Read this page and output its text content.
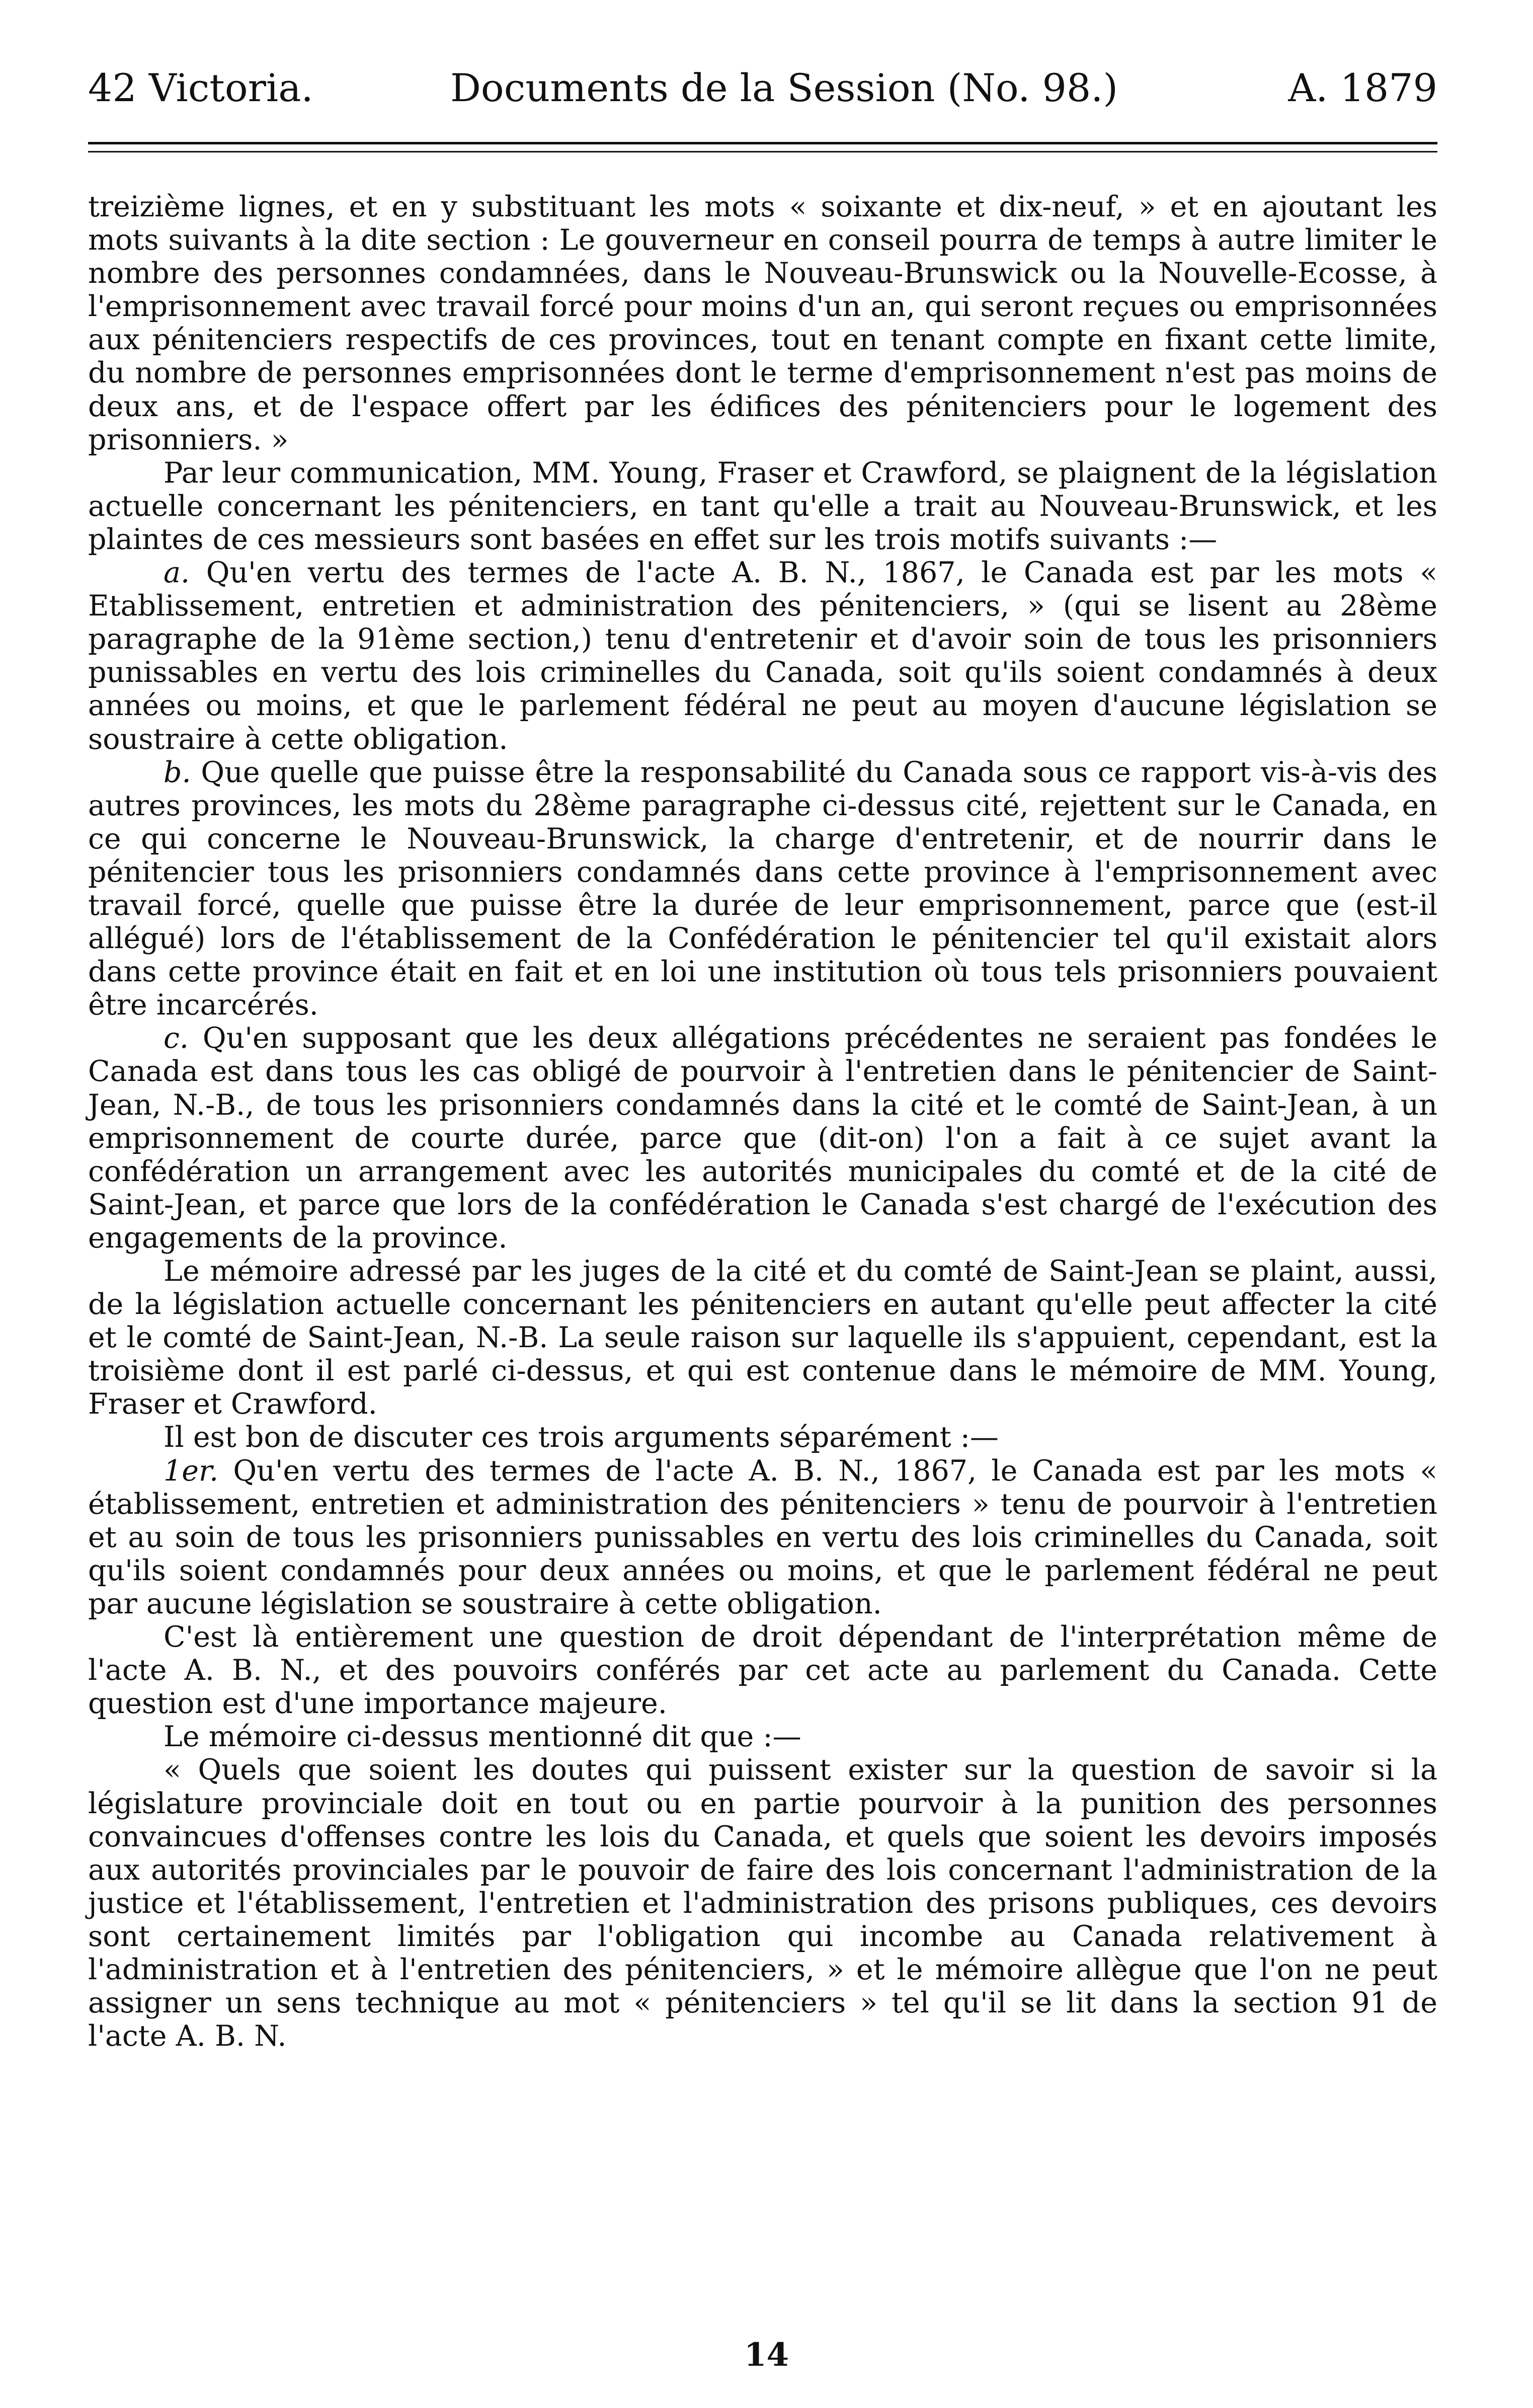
42 Victoria.	Documents de la Session (No. 98.)	A. 1879

treizième lignes, et en y substituant les mots « soixante et dix-neuf, » et en ajoutant les mots suivants à la dite section : Le gouverneur en conseil pourra de temps à autre limiter le nombre des personnes condamnées, dans le Nouveau-Brunswick ou la Nouvelle-Ecosse, à l'emprisonnement avec travail forcé pour moins d'un an, qui seront reçues ou emprisonnées aux pénitenciers respectifs de ces provinces, tout en tenant compte en fixant cette limite, du nombre de personnes emprisonnées dont le terme d'emprisonnement n'est pas moins de deux ans, et de l'espace offert par les édifices des pénitenciers pour le logement des prisonniers. »

Par leur communication, MM. Young, Fraser et Crawford, se plaignent de la législation actuelle concernant les pénitenciers, en tant qu'elle a trait au Nouveau-Brunswick, et les plaintes de ces messieurs sont basées en effet sur les trois motifs suivants :—

a. Qu'en vertu des termes de l'acte A. B. N., 1867, le Canada est par les mots « Etablissement, entretien et administration des pénitenciers, » (qui se lisent au 28ème paragraphe de la 91ème section,) tenu d'entretenir et d'avoir soin de tous les prisonniers punissables en vertu des lois criminelles du Canada, soit qu'ils soient condamnés à deux années ou moins, et que le parlement fédéral ne peut au moyen d'aucune législation se soustraire à cette obligation.

b. Que quelle que puisse être la responsabilité du Canada sous ce rapport vis-à-vis des autres provinces, les mots du 28ème paragraphe ci-dessus cité, rejettent sur le Canada, en ce qui concerne le Nouveau-Brunswick, la charge d'entretenir, et de nourrir dans le pénitencier tous les prisonniers condamnés dans cette province à l'emprisonnement avec travail forcé, quelle que puisse être la durée de leur emprisonnement, parce que (est-il allégué) lors de l'établissement de la Confédération le pénitencier tel qu'il existait alors dans cette province était en fait et en loi une institution où tous tels prisonniers pouvaient être incarcérés.

c. Qu'en supposant que les deux allégations précédentes ne seraient pas fondées le Canada est dans tous les cas obligé de pourvoir à l'entretien dans le pénitencier de Saint-Jean, N.-B., de tous les prisonniers condamnés dans la cité et le comté de Saint-Jean, à un emprisonnement de courte durée, parce que (dit-on) l'on a fait à ce sujet avant la confédération un arrangement avec les autorités municipales du comté et de la cité de Saint-Jean, et parce que lors de la confédération le Canada s'est chargé de l'exécution des engagements de la province.

Le mémoire adressé par les juges de la cité et du comté de Saint-Jean se plaint, aussi, de la législation actuelle concernant les pénitenciers en autant qu'elle peut affecter la cité et le comté de Saint-Jean, N.-B. La seule raison sur laquelle ils s'appuient, cependant, est la troisième dont il est parlé ci-dessus, et qui est contenue dans le mémoire de MM. Young, Fraser et Crawford.

Il est bon de discuter ces trois arguments séparément :—

1er. Qu'en vertu des termes de l'acte A. B. N., 1867, le Canada est par les mots « établissement, entretien et administration des pénitenciers » tenu de pourvoir à l'entretien et au soin de tous les prisonniers punissables en vertu des lois criminelles du Canada, soit qu'ils soient condamnés pour deux années ou moins, et que le parlement fédéral ne peut par aucune législation se soustraire à cette obligation.

C'est là entièrement une question de droit dépendant de l'interprétation même de l'acte A. B. N., et des pouvoirs conférés par cet acte au parlement du Canada. Cette question est d'une importance majeure.

Le mémoire ci-dessus mentionné dit que :—

« Quels que soient les doutes qui puissent exister sur la question de savoir si la législature provinciale doit en tout ou en partie pourvoir à la punition des personnes convaincues d'offenses contre les lois du Canada, et quels que soient les devoirs imposés aux autorités provinciales par le pouvoir de faire des lois concernant l'administration de la justice et l'établissement, l'entretien et l'administration des prisons publiques, ces devoirs sont certainement limités par l'obligation qui incombe au Canada relativement à l'administration et à l'entretien des pénitenciers, » et le mémoire allègue que l'on ne peut assigner un sens technique au mot « pénitenciers » tel qu'il se lit dans la section 91 de l'acte A. B. N.

14
